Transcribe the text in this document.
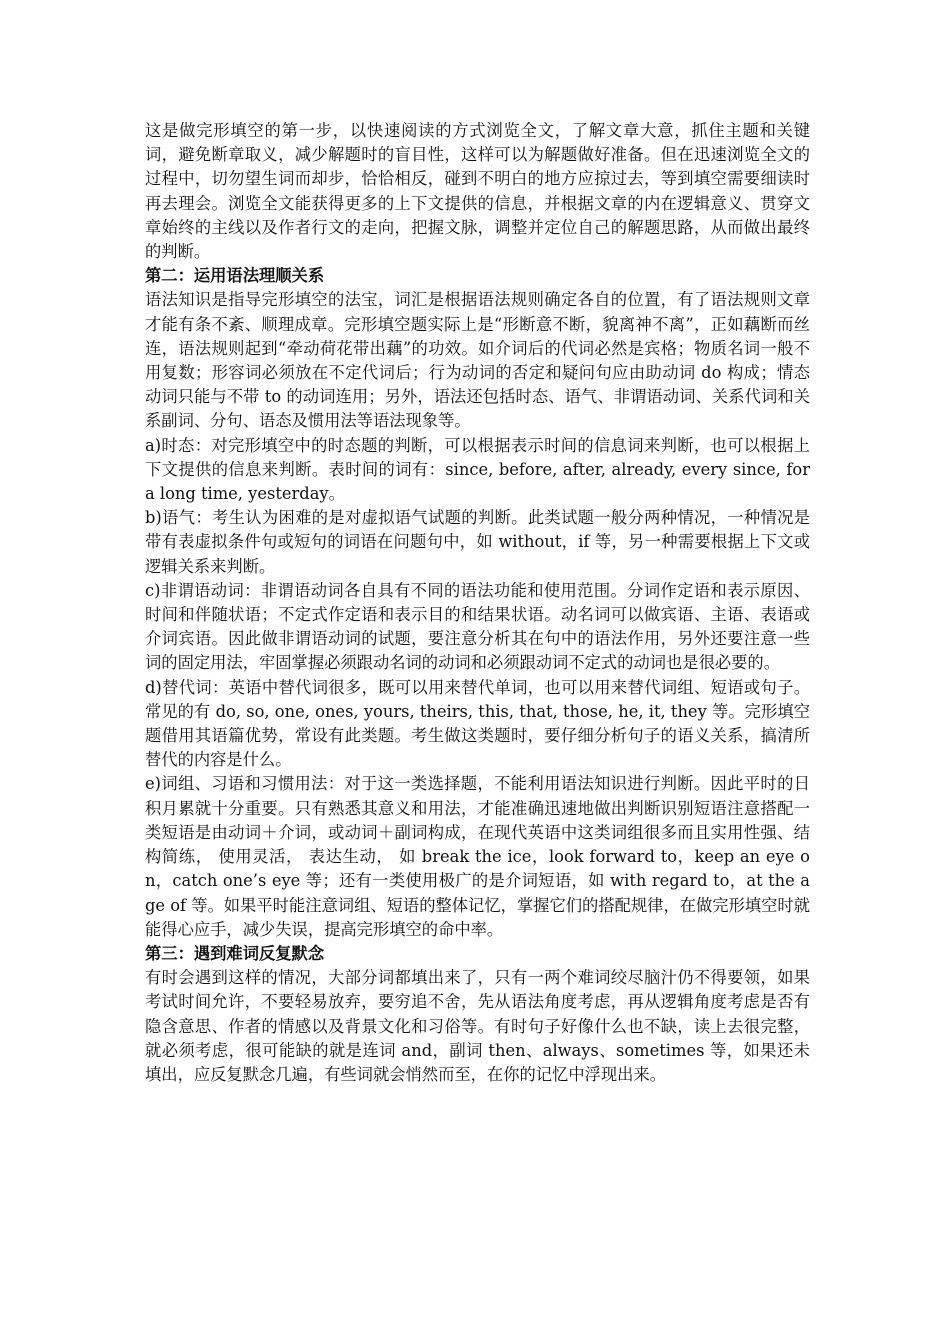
这是做完形填空的第一步，以快速阅读的方式浏览全文，了解文章大意，抓住主题和关键词，避免断章取义，减少解题时的盲目性，这样可以为解题做好准备。但在迅速浏览全文的过程中，切勿望生词而却步，恰恰相反，碰到不明白的地方应掠过去，等到填空需要细读时再去理会。浏览全文能获得更多的上下文提供的信息，并根据文章的内在逻辑意义、贯穿文章始终的主线以及作者行文的走向，把握文脉，调整并定位自己的解题思路，从而做出最终的判断。

第二：运用语法理顺关系

语法知识是指导完形填空的法宝，词汇是根据语法规则确定各自的位置，有了语法规则文章才能有条不紊、顺理成章。完形填空题实际上是“形断意不断，貌离神不离”，正如藕断而丝连，语法规则起到“牵动荷花带出藕”的功效。如介词后的代词必然是宾格；物质名词一般不用复数；形容词必须放在不定代词后；行为动词的否定和疑问句应由助动词 do 构成；情态动词只能与不带 to 的动词连用；另外，语法还包括时态、语气、非谓语动词、关系代词和关系副词、分句、语态及惯用法等语法现象等。

a)时态：对完形填空中的时态题的判断，可以根据表示时间的信息词来判断，也可以根据上下文提供的信息来判断。表时间的词有：since, before, after, already, every since, for a long time, yesterday。

b)语气：考生认为困难的是对虚拟语气试题的判断。此类试题一般分两种情况，一种情况是带有表虚拟条件句或短句的词语在问题句中，如 without，if 等，另一种需要根据上下文或逻辑关系来判断。

c)非谓语动词：非谓语动词各自具有不同的语法功能和使用范围。分词作定语和表示原因、时间和伴随状语；不定式作定语和表示目的和结果状语。动名词可以做宾语、主语、表语或介词宾语。因此做非谓语动词的试题，要注意分析其在句中的语法作用，另外还要注意一些词的固定用法，牢固掌握必须跟动名词的动词和必须跟动词不定式的动词也是很必要的。

d)替代词：英语中替代词很多，既可以用来替代单词，也可以用来替代词组、短语或句子。常见的有 do, so, one, ones, yours, theirs, this, that, those, he, it, they 等。完形填空题借用其语篇优势，常设有此类题。考生做这类题时，要仔细分析句子的语义关系，搞清所替代的内容是什么。

e)词组、习语和习惯用法：对于这一类选择题，不能利用语法知识进行判断。因此平时的日积月累就十分重要。只有熟悉其意义和用法，才能准确迅速地做出判断识别短语注意搭配一类短语是由动词＋介词，或动词＋副词构成，在现代英语中这类词组很多而且实用性强、结构简练， 使用灵活， 表达生动， 如 break the ice，look forward to，keep an eye on，catch one’s eye 等；还有一类使用极广的是介词短语，如 with regard to，at the age of 等。如果平时能注意词组、短语的整体记忆，掌握它们的搭配规律，在做完形填空时就能得心应手，减少失误，提高完形填空的命中率。

第三：遇到难词反复默念

有时会遇到这样的情况，大部分词都填出来了，只有一两个难词绞尽脑汁仍不得要领，如果考试时间允许，不要轻易放弃，要穷追不舍，先从语法角度考虑，再从逻辑角度考虑是否有隐含意思、作者的情感以及背景文化和习俗等。有时句子好像什么也不缺，读上去很完整，就必须考虑，很可能缺的就是连词 and，副词 then、always、sometimes 等，如果还未填出，应反复默念几遍，有些词就会悄然而至，在你的记忆中浮现出来。
